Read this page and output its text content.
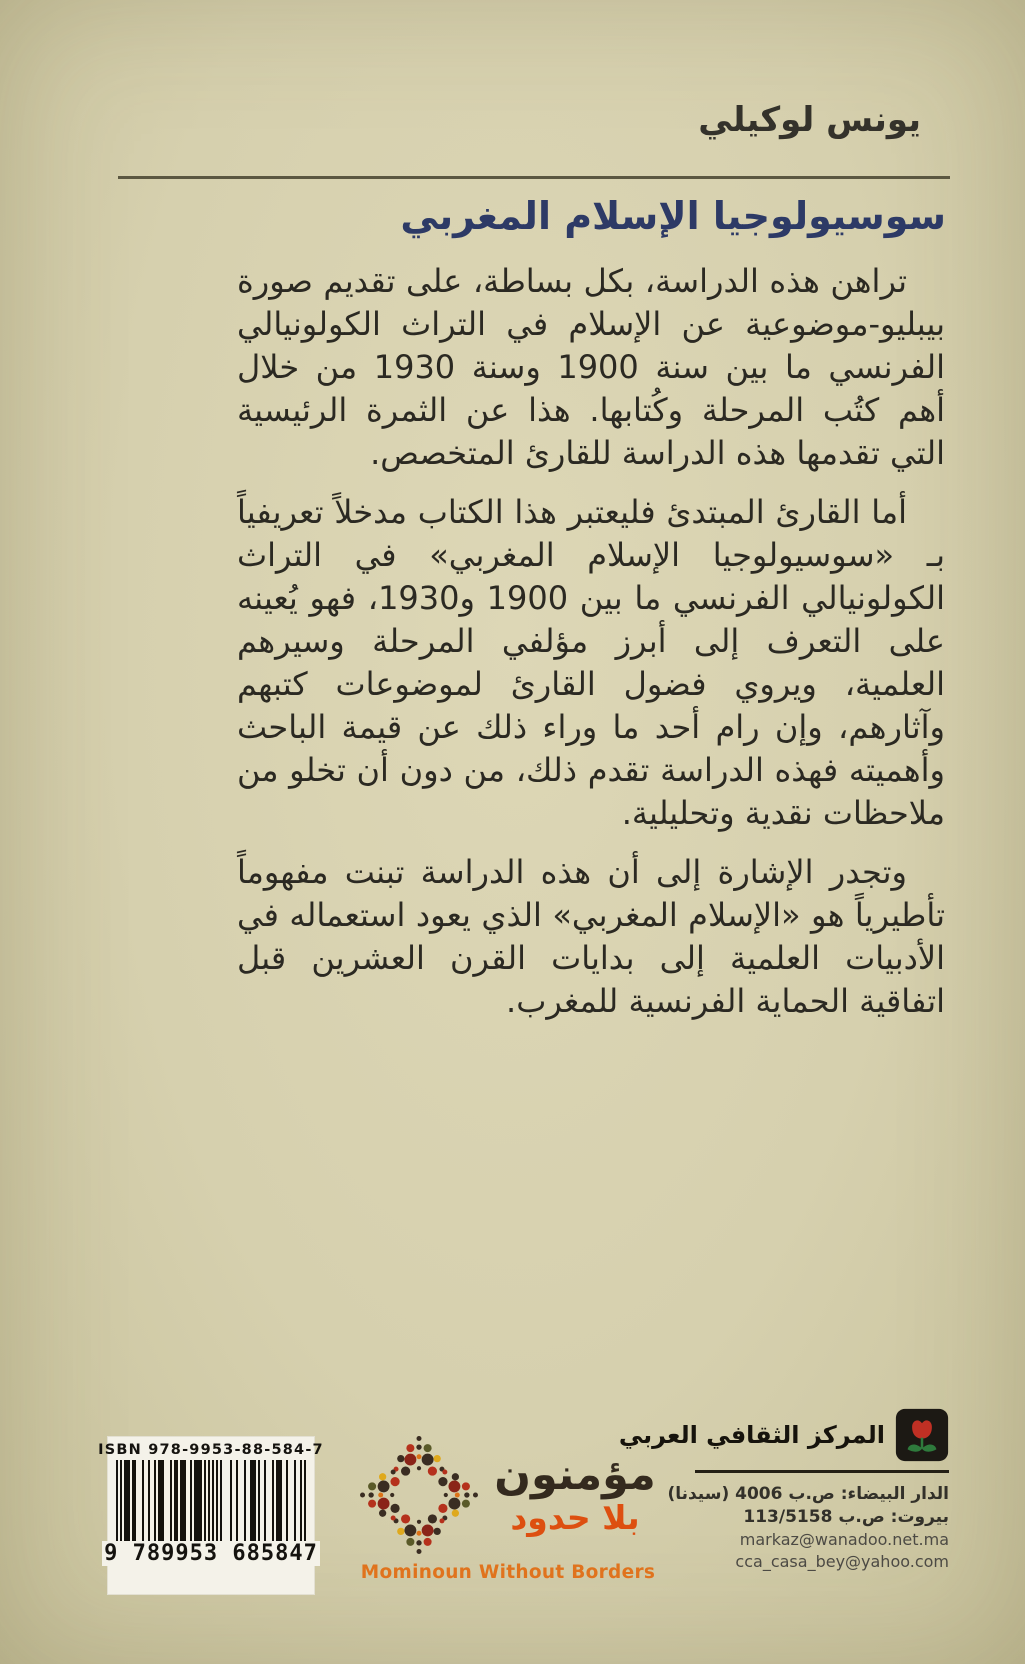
يونس لوكيلي
سوسيولوجيا الإسلام المغربي

تراهن هذه الدراسة، بكل بساطة، على تقديم صورة بيبليو-موضوعية عن الإسلام في التراث الكولونيالي الفرنسي ما بين سنة 1900 وسنة 1930 من خلال أهم كتُب المرحلة وكُتابها. هذا عن الثمرة الرئيسية التي تقدمها هذه الدراسة للقارئ المتخصص.

أما القارئ المبتدئ فليعتبر هذا الكتاب مدخلاً تعريفياً بـ «سوسيولوجيا الإسلام المغربي» في التراث الكولونيالي الفرنسي ما بين 1900 و1930، فهو يُعينه على التعرف إلى أبرز مؤلفي المرحلة وسيرهم العلمية، ويروي فضول القارئ لموضوعات كتبهم وآثارهم، وإن رام أحد ما وراء ذلك عن قيمة الباحث وأهميته فهذه الدراسة تقدم ذلك، من دون أن تخلو من ملاحظات نقدية وتحليلية.

وتجدر الإشارة إلى أن هذه الدراسة تبنت مفهوماً تأطيرياً هو «الإسلام المغربي» الذي يعود استعماله في الأدبيات العلمية إلى بدايات القرن العشرين قبل اتفاقية الحماية الفرنسية للمغرب.

ISBN 978-9953-88-584-7
9 789953 685847
مؤمنون
بلا حدود
Mominoun Without Borders
المركز الثقافي العربي
الدار البيضاء: ص.ب 4006 (سيدنا)
بيروت: ص.ب 113/5158
markaz@wanadoo.net.ma
cca_casa_bey@yahoo.com
